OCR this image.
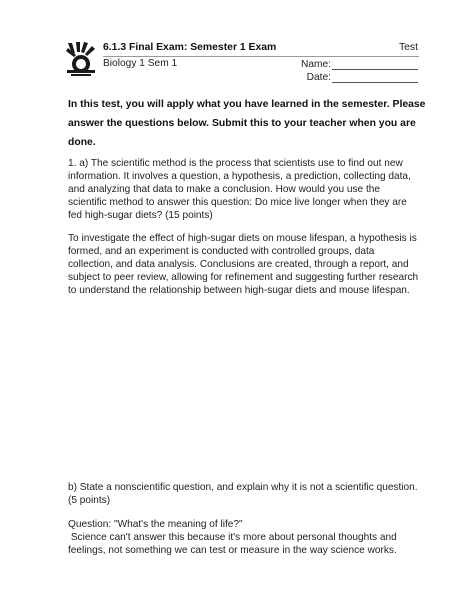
6.1.3 Final Exam: Semester 1 Exam	Test
Biology 1 Sem 1	Name:
Date:
In this test, you will apply what you have learned in the semester. Please answer the questions below. Submit this to your teacher when you are done.
1. a) The scientific method is the process that scientists use to find out new information. It involves a question, a hypothesis, a prediction, collecting data, and analyzing that data to make a conclusion. How would you use the scientific method to answer this question: Do mice live longer when they are fed high-sugar diets? (15 points)
To investigate the effect of high-sugar diets on mouse lifespan, a hypothesis is formed, and an experiment is conducted with controlled groups, data collection, and data analysis. Conclusions are created, through a report, and subject to peer review, allowing for refinement and suggesting further research to understand the relationship between high-sugar diets and mouse lifespan.
b) State a nonscientific question, and explain why it is not a scientific question. (5 points)
Question: "What's the meaning of life?"
Science can't answer this because it's more about personal thoughts and feelings, not something we can test or measure in the way science works.
